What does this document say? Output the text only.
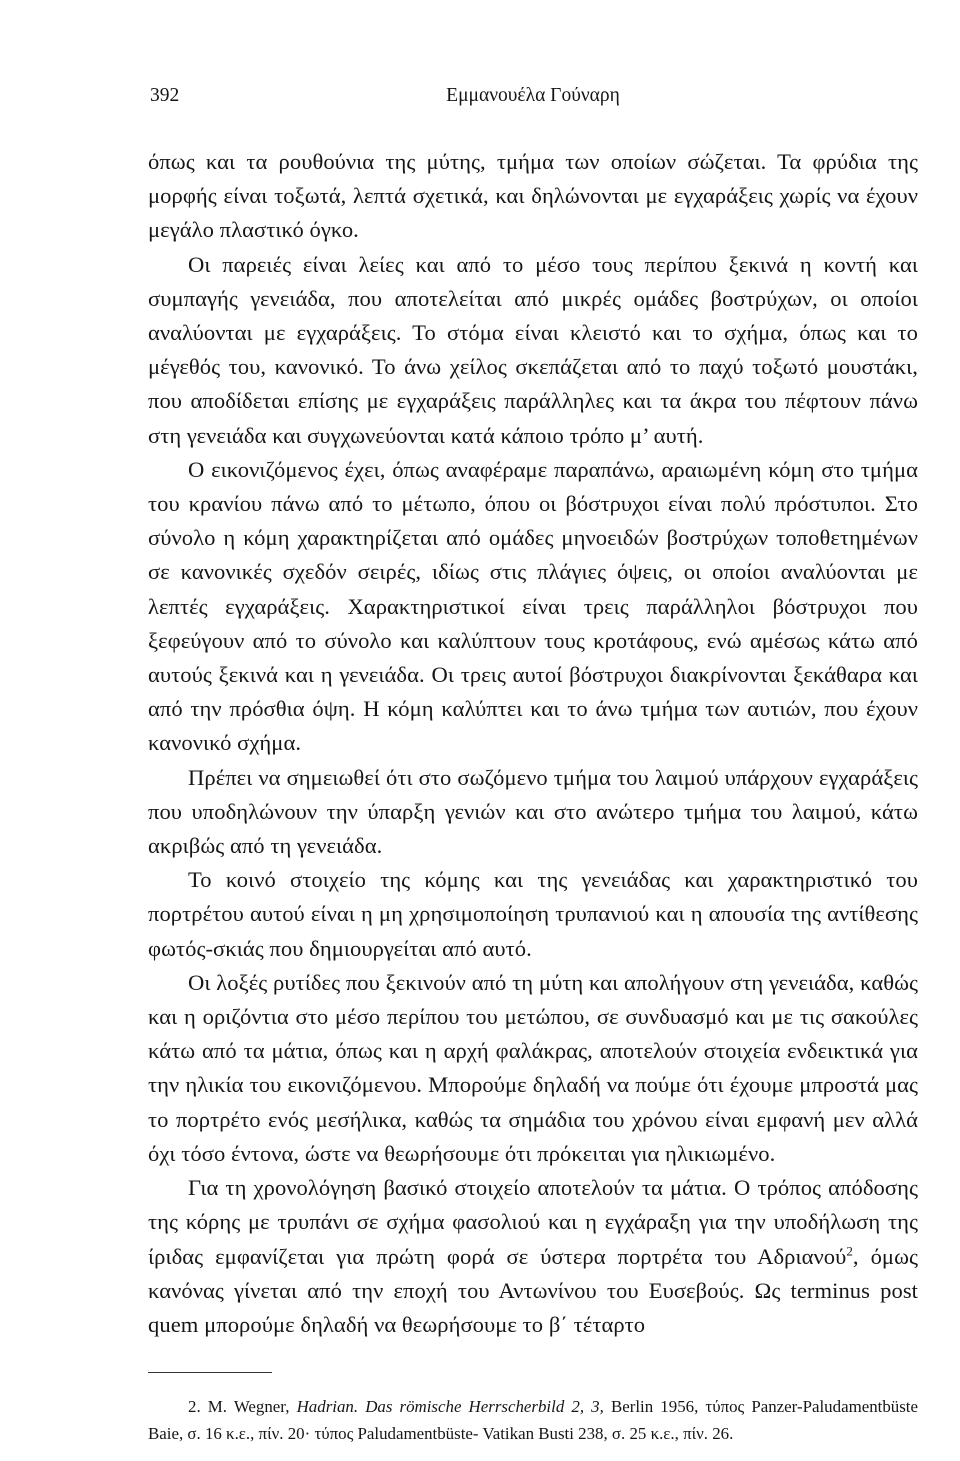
392	Εμμανουέλα Γούναρη

όπως και τα ρουθούνια της μύτης, τμήμα των οποίων σώζεται. Τα φρύδια της μορφής είναι τοξωτά, λεπτά σχετικά, και δηλώνονται με εγχαράξεις χωρίς να έχουν μεγάλο πλαστικό όγκο.

Οι παρειές είναι λείες και από το μέσο τους περίπου ξεκινά η κοντή και συμπαγής γενειάδα, που αποτελείται από μικρές ομάδες βοστρύχων, οι οποίοι αναλύονται με εγχαράξεις. Το στόμα είναι κλειστό και το σχήμα, όπως και το μέγεθός του, κανονικό. Το άνω χείλος σκεπάζεται από το παχύ τοξωτό μουστάκι, που αποδίδεται επίσης με εγχαράξεις παράλληλες και τα άκρα του πέφτουν πάνω στη γενειάδα και συγχωνεύονται κατά κάποιο τρόπο μ’ αυτή.

Ο εικονιζόμενος έχει, όπως αναφέραμε παραπάνω, αραιωμένη κόμη στο τμήμα του κρανίου πάνω από το μέτωπο, όπου οι βόστρυχοι είναι πολύ πρόστυποι. Στο σύνολο η κόμη χαρακτηρίζεται από ομάδες μηνοειδών βοστρύχων τοποθετημένων σε κανονικές σχεδόν σειρές, ιδίως στις πλάγιες όψεις, οι οποίοι αναλύονται με λεπτές εγχαράξεις. Χαρακτηριστικοί είναι τρεις παράλληλοι βόστρυχοι που ξεφεύγουν από το σύνολο και καλύπτουν τους κροτάφους, ενώ αμέσως κάτω από αυτούς ξεκινά και η γενειάδα. Οι τρεις αυτοί βόστρυχοι διακρίνονται ξεκάθαρα και από την πρόσθια όψη. Η κόμη καλύπτει και το άνω τμήμα των αυτιών, που έχουν κανονικό σχήμα.

Πρέπει να σημειωθεί ότι στο σωζόμενο τμήμα του λαιμού υπάρχουν εγχαράξεις που υποδηλώνουν την ύπαρξη γενιών και στο ανώτερο τμήμα του λαιμού, κάτω ακριβώς από τη γενειάδα.

Το κοινό στοιχείο της κόμης και της γενειάδας και χαρακτηριστικό του πορτρέτου αυτού είναι η μη χρησιμοποίηση τρυπανιού και η απουσία της αντίθεσης φωτός-σκιάς που δημιουργείται από αυτό.

Οι λοξές ρυτίδες που ξεκινούν από τη μύτη και απολήγουν στη γενειάδα, καθώς και η οριζόντια στο μέσο περίπου του μετώπου, σε συνδυασμό και με τις σακούλες κάτω από τα μάτια, όπως και η αρχή φαλάκρας, αποτελούν στοιχεία ενδεικτικά για την ηλικία του εικονιζόμενου. Μπορούμε δηλαδή να πούμε ότι έχουμε μπροστά μας το πορτρέτο ενός μεσήλικα, καθώς τα σημάδια του χρόνου είναι εμφανή μεν αλλά όχι τόσο έντονα, ώστε να θεωρήσουμε ότι πρόκειται για ηλικιωμένο.

Για τη χρονολόγηση βασικό στοιχείο αποτελούν τα μάτια. Ο τρόπος απόδοσης της κόρης με τρυπάνι σε σχήμα φασολιού και η εγχάραξη για την υποδήλωση της ίριδας εμφανίζεται για πρώτη φορά σε ύστερα πορτρέτα του Αδριανού$^2$, όμως κανόνας γίνεται από την εποχή του Αντωνίνου του Ευσεβούς. Ως terminus post quem μπορούμε δηλαδή να θεωρήσουμε το β΄ τέταρτο

2. M. Wegner, Hadrian. Das römische Herrscherbild 2, 3, Berlin 1956, τύπος Panzer-Paludamentbüste Baie, σ. 16 κ.ε., πίν. 20· τύπος Paludamentbüste- Vatikan Busti 238, σ. 25 κ.ε., πίν. 26.
